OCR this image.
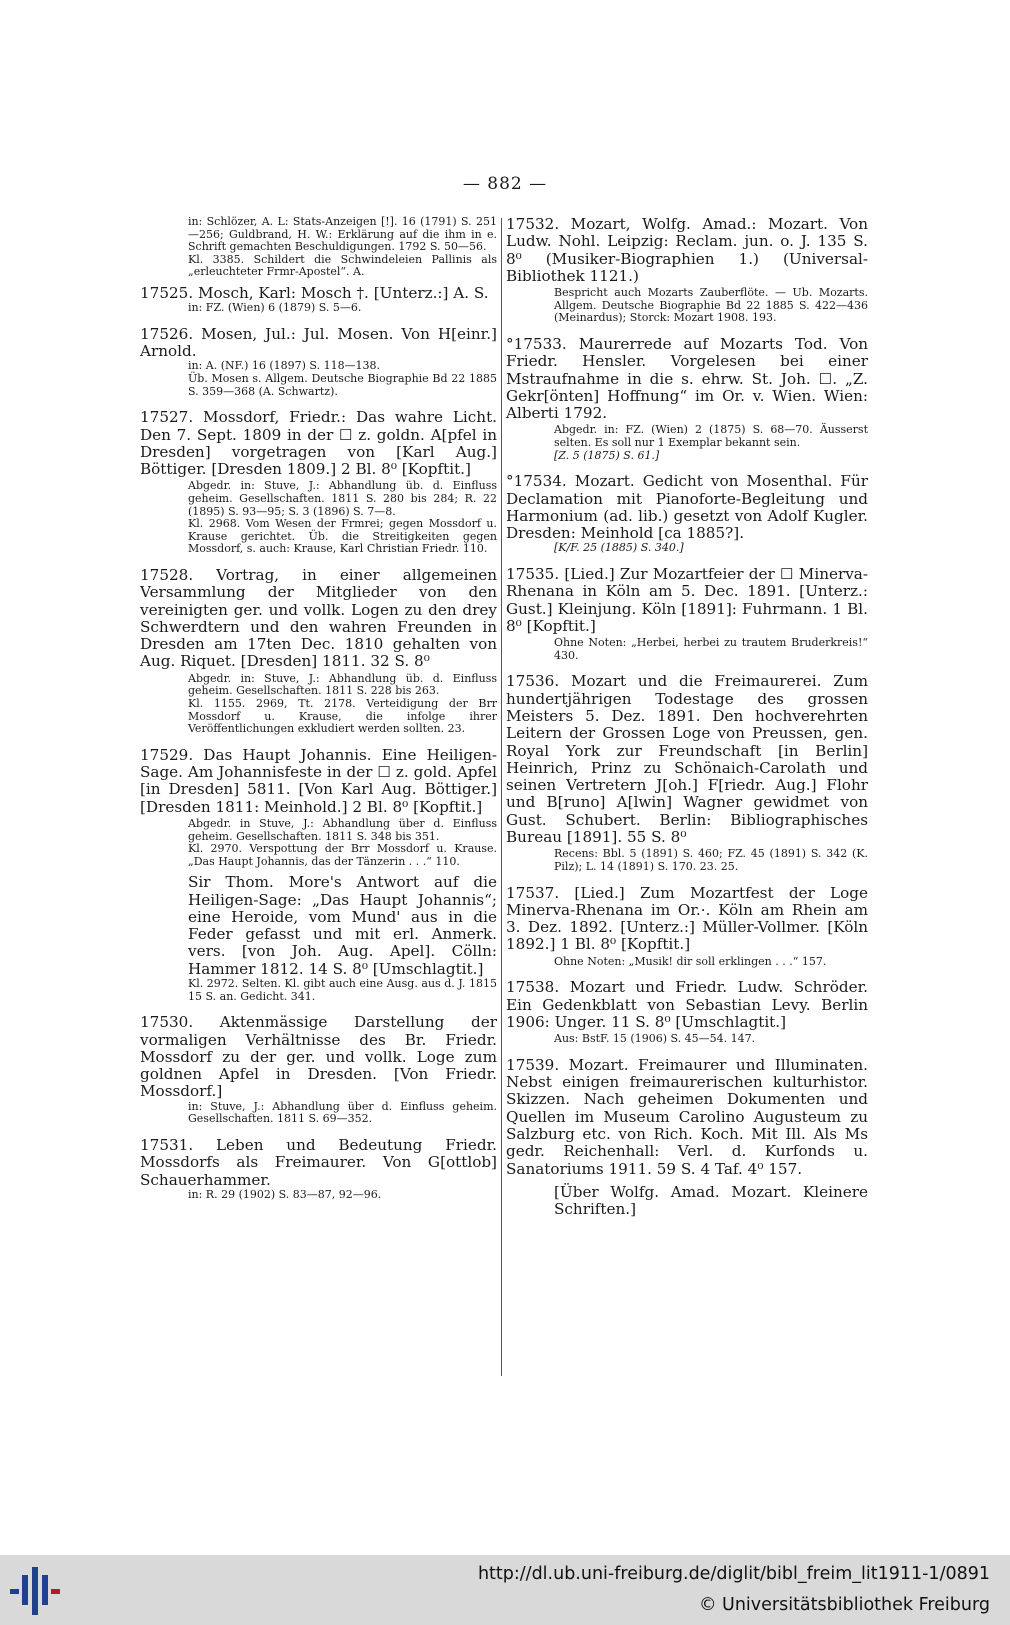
— 882 —

in: Schlözer, A. L: Stats-Anzeigen [!]. 16 (1791) S. 251—256; Guldbrand, H. W.: Erklärung auf die ihm in e. Schrift gemachten Beschuldigungen. 1792 S. 50—56.

Kl. 3385. Schildert die Schwindeleien Pallinis als „erleuchteter Frmr-Apostel“. A.

17525. Mosch, Karl: Mosch †. [Unterz.:] A. S.

in: FZ. (Wien) 6 (1879) S. 5—6.

17526. Mosen, Jul.: Jul. Mosen. Von H[einr.] Arnold.

in: A. (NF.) 16 (1897) S. 118—138.

Üb. Mosen s. Allgem. Deutsche Biographie Bd 22 1885 S. 359—368 (A. Schwartz).

17527. Mossdorf, Friedr.: Das wahre Licht. Den 7. Sept. 1809 in der ☐ z. goldn. A[pfel in Dresden] vorgetragen von [Karl Aug.] Böttiger. [Dresden 1809.] 2 Bl. 8⁰ [Kopftit.]

Abgedr. in: Stuve, J.: Abhandlung üb. d. Einfluss geheim. Gesellschaften. 1811 S. 280 bis 284; R. 22 (1895) S. 93—95; S. 3 (1896) S. 7—8.

Kl. 2968. Vom Wesen der Frmrei; gegen Mossdorf u. Krause gerichtet. Üb. die Streitigkeiten gegen Mossdorf, s. auch: Krause, Karl Christian Friedr. 110.

17528. Vortrag, in einer allgemeinen Versammlung der Mitglieder von den vereinigten ger. und vollk. Logen zu den drey Schwerdtern und den wahren Freunden in Dresden am 17ten Dec. 1810 gehalten von Aug. Riquet. [Dresden] 1811. 32 S. 8⁰

Abgedr. in: Stuve, J.: Abhandlung üb. d. Einfluss geheim. Gesellschaften. 1811 S. 228 bis 263.

Kl. 1155. 2969, Tt. 2178. Verteidigung der Brr Mossdorf u. Krause, die infolge ihrer Veröffentlichungen exkludiert werden sollten. 23.

17529. Das Haupt Johannis. Eine Heiligen-Sage. Am Johannisfeste in der ☐ z. gold. Apfel [in Dresden] 5811. [Von Karl Aug. Böttiger.] [Dresden 1811: Meinhold.] 2 Bl. 8⁰ [Kopftit.]

Abgedr. in Stuve, J.: Abhandlung über d. Einfluss geheim. Gesellschaften. 1811 S. 348 bis 351.

Kl. 2970. Verspottung der Brr Mossdorf u. Krause. „Das Haupt Johannis, das der Tänzerin . . .“ 110.

Sir Thom. More's Antwort auf die Heiligen-Sage: „Das Haupt Johannis“; eine Heroide, vom Mund' aus in die Feder gefasst und mit erl. Anmerk. vers. [von Joh. Aug. Apel]. Cölln: Hammer 1812. 14 S. 8⁰ [Umschlagtit.]

Kl. 2972. Selten. Kl. gibt auch eine Ausg. aus d. J. 1815 15 S. an. Gedicht. 341.

17530. Aktenmässige Darstellung der vormaligen Verhältnisse des Br. Friedr. Mossdorf zu der ger. und vollk. Loge zum goldnen Apfel in Dresden. [Von Friedr. Mossdorf.]

in: Stuve, J.: Abhandlung über d. Einfluss geheim. Gesellschaften. 1811 S. 69—352.

17531. Leben und Bedeutung Friedr. Mossdorfs als Freimaurer. Von G[ottlob] Schauerhammer.

in: R. 29 (1902) S. 83—87, 92—96.

17532. Mozart, Wolfg. Amad.: Mozart. Von Ludw. Nohl. Leipzig: Reclam. jun. o. J. 135 S. 8⁰ (Musiker-Biographien 1.) (Universal-Bibliothek 1121.)

Bespricht auch Mozarts Zauberflöte. — Ub. Mozarts. Allgem. Deutsche Biographie Bd 22 1885 S. 422—436 (Meinardus); Storck: Mozart 1908. 193.

°17533. Maurerrede auf Mozarts Tod. Von Friedr. Hensler. Vorgelesen bei einer Mstraufnahme in die s. ehrw. St. Joh. ☐. „Z. Gekr[önten] Hoffnung“ im Or. v. Wien. Wien: Alberti 1792.

Abgedr. in: FZ. (Wien) 2 (1875) S. 68—70. Äusserst selten. Es soll nur 1 Exemplar bekannt sein.

[Z. 5 (1875) S. 61.]

°17534. Mozart. Gedicht von Mosenthal. Für Declamation mit Pianoforte-Begleitung und Harmonium (ad. lib.) gesetzt von Adolf Kugler. Dresden: Meinhold [ca 1885?].

[K/F. 25 (1885) S. 340.]

17535. [Lied.] Zur Mozartfeier der ☐ Minerva-Rhenana in Köln am 5. Dec. 1891. [Unterz.: Gust.] Kleinjung. Köln [1891]: Fuhrmann. 1 Bl. 8⁰ [Kopftit.]

Ohne Noten: „Herbei, herbei zu trautem Bruderkreis!“ 430.

17536. Mozart und die Freimaurerei. Zum hundertjährigen Todestage des grossen Meisters 5. Dez. 1891. Den hochverehrten Leitern der Grossen Loge von Preussen, gen. Royal York zur Freundschaft [in Berlin] Heinrich, Prinz zu Schönaich-Carolath und seinen Vertretern J[oh.] F[riedr. Aug.] Flohr und B[runo] A[lwin] Wagner gewidmet von Gust. Schubert. Berlin: Bibliographisches Bureau [1891]. 55 S. 8⁰

Recens: Bbl. 5 (1891) S. 460; FZ. 45 (1891) S. 342 (K. Pilz); L. 14 (1891) S. 170. 23. 25.

17537. [Lied.] Zum Mozartfest der Loge Minerva-Rhenana im Or.·. Köln am Rhein am 3. Dez. 1892. [Unterz.:] Müller-Vollmer. [Köln 1892.] 1 Bl. 8⁰ [Kopftit.]

Ohne Noten: „Musik! dir soll erklingen . . .“ 157.

17538. Mozart und Friedr. Ludw. Schröder. Ein Gedenkblatt von Sebastian Levy. Berlin 1906: Unger. 11 S. 8⁰ [Umschlagtit.]

Aus: BstF. 15 (1906) S. 45—54. 147.

17539. Mozart. Freimaurer und Illuminaten. Nebst einigen freimaurerischen kulturhistor. Skizzen. Nach geheimen Dokumenten und Quellen im Museum Carolino Augusteum zu Salzburg etc. von Rich. Koch. Mit Ill. Als Ms gedr. Reichenhall: Verl. d. Kurfonds u. Sanatoriums 1911. 59 S. 4 Taf. 4⁰ 157.

[Über Wolfg. Amad. Mozart. Kleinere Schriften.]

http://dl.ub.uni-freiburg.de/diglit/bibl_freim_lit1911-1/0891
© Universitätsbibliothek Freiburg
